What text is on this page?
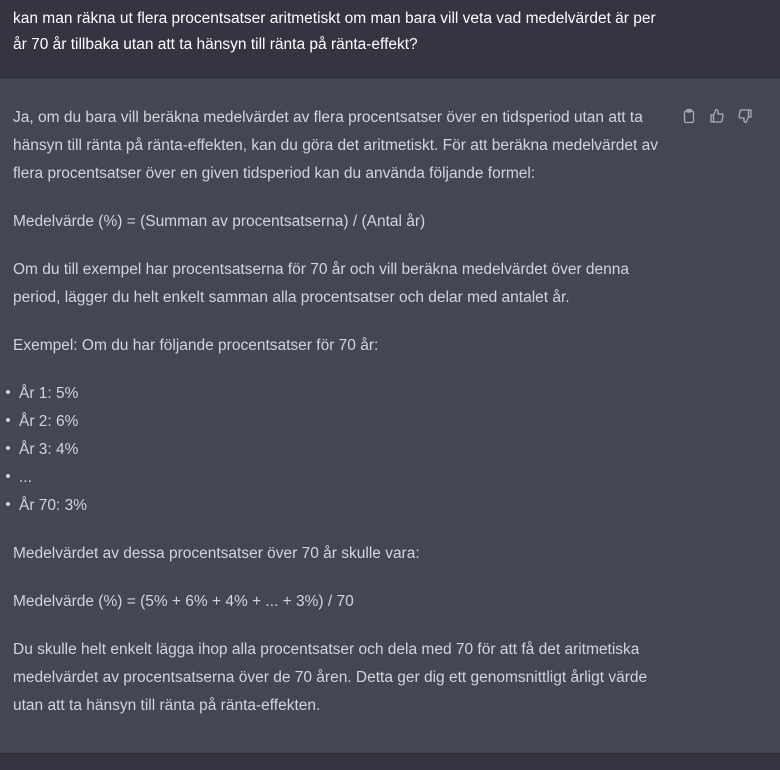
kan man räkna ut flera procentsatser aritmetiskt om man bara vill veta vad medelvärdet är per år 70 år tillbaka utan att ta hänsyn till ränta på ränta-effekt?

Ja, om du bara vill beräkna medelvärdet av flera procentsatser över en tidsperiod utan att ta hänsyn till ränta på ränta-effekten, kan du göra det aritmetiskt. För att beräkna medelvärdet av flera procentsatser över en given tidsperiod kan du använda följande formel:

Medelvärde (%) = (Summan av procentsatserna) / (Antal år)

Om du till exempel har procentsatserna för 70 år och vill beräkna medelvärdet över denna period, lägger du helt enkelt samman alla procentsatser och delar med antalet år.

Exempel: Om du har följande procentsatser för 70 år:

År 1: 5%
År 2: 6%
År 3: 4%
...
År 70: 3%

Medelvärdet av dessa procentsatser över 70 år skulle vara:

Medelvärde (%) = (5% + 6% + 4% + ... + 3%) / 70

Du skulle helt enkelt lägga ihop alla procentsatser och dela med 70 för att få det aritmetiska medelvärdet av procentsatserna över de 70 åren. Detta ger dig ett genomsnittligt årligt värde utan att ta hänsyn till ränta på ränta-effekten.
